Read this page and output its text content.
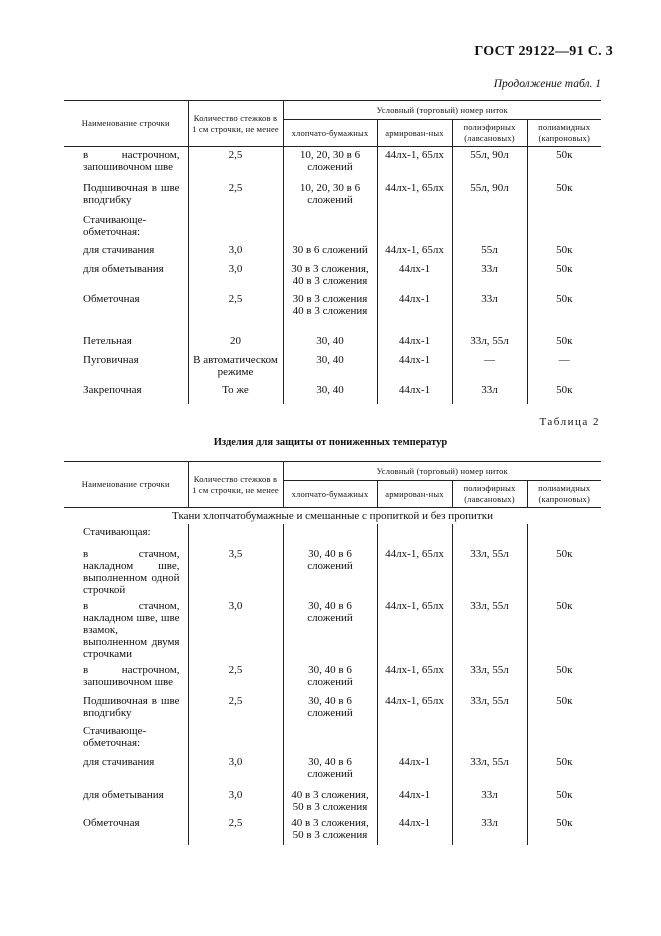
ГОСТ 29122—91 С. 3
Продолжение табл. 1
Наименование строчки	Количество стежков в 1 см строчки, не менее	Условный (торговый) номер ниток			
		хлопчато-бумажных	армирован-ных	полиэфирных (лавсановых)	полиамидных (капроновых)
в настрочном, запошивочном шве	2,5	10, 20, 30 в 6 сложений	44лх-1, 65лх	55л, 90л	50к
Подшивочная в шве вподгибку	2,5	10, 20, 30 в 6 сложений	44лх-1, 65лх	55л, 90л	50к
Стачивающе-обметочная:					
для стачивания	3,0	30 в 6 сложений	44лх-1, 65лх	55л	50к
для обметывания	3,0	30 в 3 сложения, 40 в 3 сложения	44лх-1	33л	50к
Обметочная	2,5	30 в 3 сложения 40 в 3 сложения	44лх-1	33л	50к
Петельная	20	30, 40	44лх-1	33л, 55л	50к
Пуговичная	В автоматическом режиме	30, 40	44лх-1	—	—
Закрепочная	То же	30, 40	44лх-1	33л	50к
Таблица 2
Изделия для защиты от пониженных температур
Наименование строчки	Количество стежков в 1 см строчки, не менее	Условный (торговый) номер ниток			
		хлопчато-бумажных	армирован-ных	полиэфирных (лавсановых)	полиамидных (капроновых)
Ткани хлопчатобумажные и смешанные с пропиткой и без пропитки					
Стачивающая:					
в стачном, накладном шве, выполненном одной строчкой	3,5	30, 40 в 6 сложений	44лх-1, 65лх	33л, 55л	50к
в стачном, накладном шве, шве взамок, выполненном двумя строчками	3,0	30, 40 в 6 сложений	44лх-1, 65лх	33л, 55л	50к
в настрочном, запошивочном шве	2,5	30, 40 в 6 сложений	44лх-1, 65лх	33л, 55л	50к
Подшивочная в шве вподгибку	2,5	30, 40 в 6 сложений	44лх-1, 65лх	33л, 55л	50к
Стачивающе-обметочная:					
для стачивания	3,0	30, 40 в 6 сложений	44лх-1	33л, 55л	50к
для обметывания	3,0	40 в 3 сложения, 50 в 3 сложения	44лх-1	33л	50к
Обметочная	2,5	40 в 3 сложения, 50 в 3 сложения	44лх-1	33л	50к
